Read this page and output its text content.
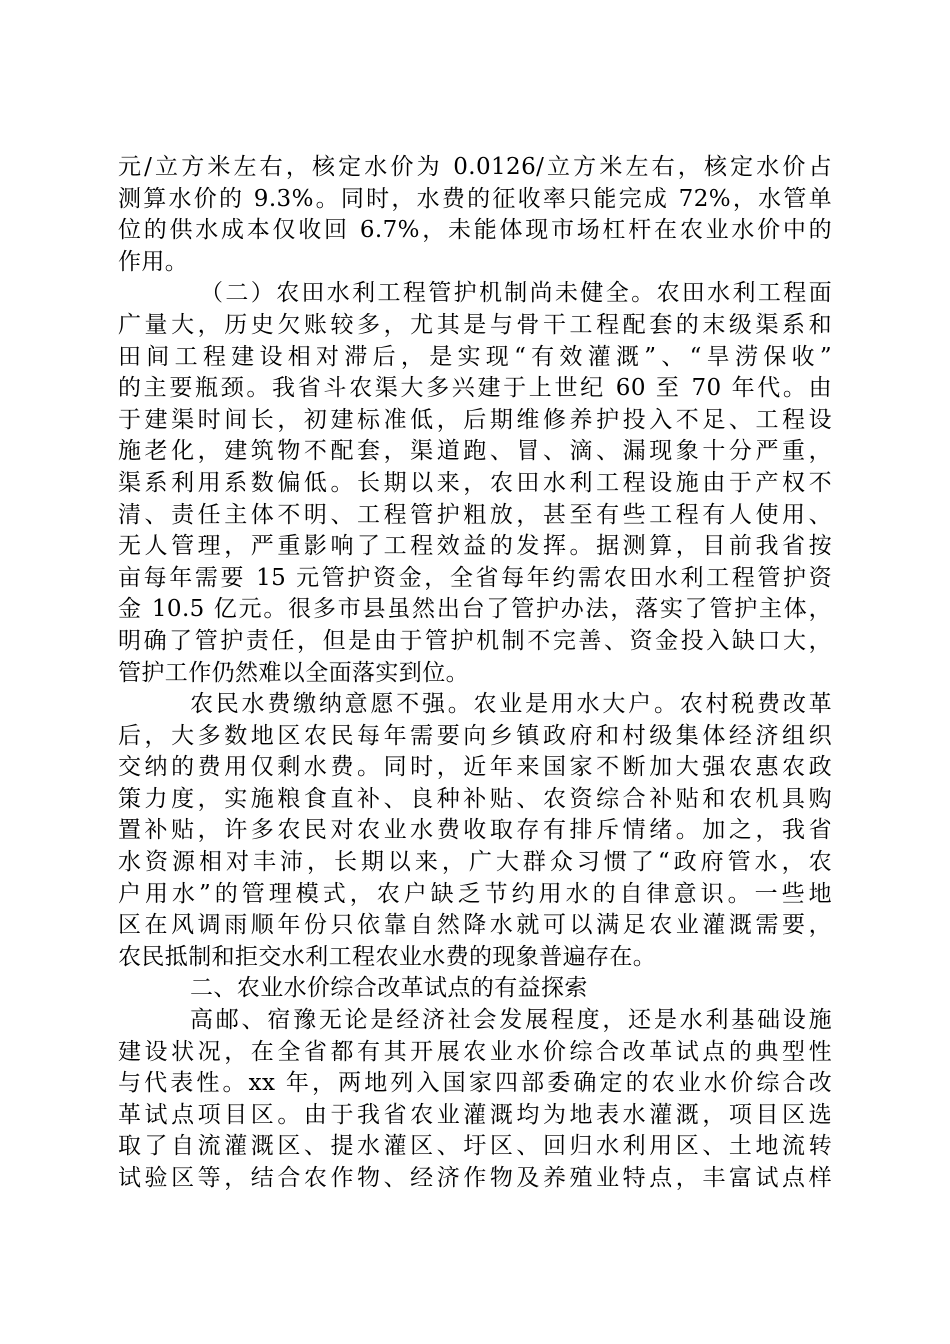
元/立方米左右，核定水价为 0.0126/立方米左右，核定水价占
测算水价的 9.3%。同时，水费的征收率只能完成 72%，水管单
位的供水成本仅收回 6.7%，未能体现市场杠杆在农业水价中的
作用。
（二）农田水利工程管护机制尚未健全。农田水利工程面
广量大，历史欠账较多，尤其是与骨干工程配套的末级渠系和
田间工程建设相对滞后，是实现“有效灌溉”、“旱涝保收”
的主要瓶颈。我省斗农渠大多兴建于上世纪 60 至 70 年代。由
于建渠时间长，初建标准低，后期维修养护投入不足、工程设
施老化，建筑物不配套，渠道跑、冒、滴、漏现象十分严重，
渠系利用系数偏低。长期以来，农田水利工程设施由于产权不
清、责任主体不明、工程管护粗放，甚至有些工程有人使用、
无人管理，严重影响了工程效益的发挥。据测算，目前我省按
亩每年需要 15 元管护资金，全省每年约需农田水利工程管护资
金 10.5 亿元。很多市县虽然出台了管护办法，落实了管护主体，
明确了管护责任，但是由于管护机制不完善、资金投入缺口大，
管护工作仍然难以全面落实到位。
农民水费缴纳意愿不强。农业是用水大户。农村税费改革
后，大多数地区农民每年需要向乡镇政府和村级集体经济组织
交纳的费用仅剩水费。同时，近年来国家不断加大强农惠农政
策力度，实施粮食直补、良种补贴、农资综合补贴和农机具购
置补贴，许多农民对农业水费收取存有排斥情绪。加之，我省
水资源相对丰沛，长期以来，广大群众习惯了“政府管水，农
户用水”的管理模式，农户缺乏节约用水的自律意识。一些地
区在风调雨顺年份只依靠自然降水就可以满足农业灌溉需要，
农民抵制和拒交水利工程农业水费的现象普遍存在。
二、农业水价综合改革试点的有益探索
高邮、宿豫无论是经济社会发展程度，还是水利基础设施
建设状况，在全省都有其开展农业水价综合改革试点的典型性
与代表性。xx 年，两地列入国家四部委确定的农业水价综合改
革试点项目区。由于我省农业灌溉均为地表水灌溉，项目区选
取了自流灌溉区、提水灌区、圩区、回归水利用区、土地流转
试验区等，结合农作物、经济作物及养殖业特点，丰富试点样
